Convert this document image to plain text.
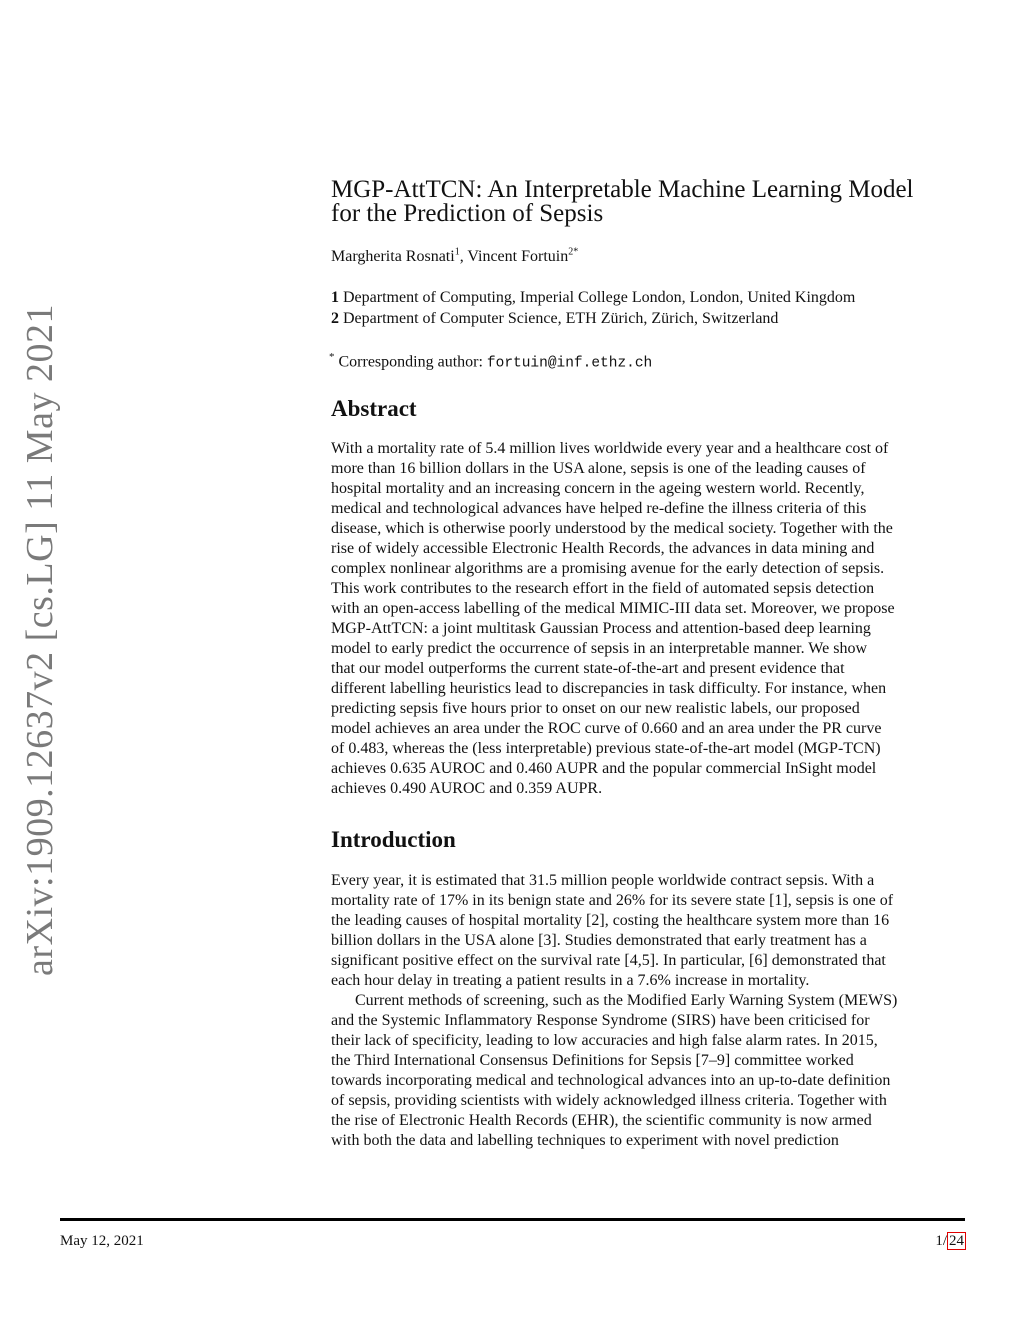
arXiv:1909.12637v2 [cs.LG] 11 May 2021
MGP-AttTCN: An Interpretable Machine Learning Model
for the Prediction of Sepsis
Margherita Rosnati$^1$, Vincent Fortuin$^{2*}$
1 Department of Computing, Imperial College London, London, United Kingdom
2 Department of Computer Science, ETH Zürich, Zürich, Switzerland
* Corresponding author: fortuin@inf.ethz.ch
Abstract
With a mortality rate of 5.4 million lives worldwide every year and a healthcare cost of
more than 16 billion dollars in the USA alone, sepsis is one of the leading causes of
hospital mortality and an increasing concern in the ageing western world. Recently,
medical and technological advances have helped re-define the illness criteria of this
disease, which is otherwise poorly understood by the medical society. Together with the
rise of widely accessible Electronic Health Records, the advances in data mining and
complex nonlinear algorithms are a promising avenue for the early detection of sepsis.
This work contributes to the research effort in the field of automated sepsis detection
with an open-access labelling of the medical MIMIC-III data set. Moreover, we propose
MGP-AttTCN: a joint multitask Gaussian Process and attention-based deep learning
model to early predict the occurrence of sepsis in an interpretable manner. We show
that our model outperforms the current state-of-the-art and present evidence that
different labelling heuristics lead to discrepancies in task difficulty. For instance, when
predicting sepsis five hours prior to onset on our new realistic labels, our proposed
model achieves an area under the ROC curve of 0.660 and an area under the PR curve
of 0.483, whereas the (less interpretable) previous state-of-the-art model (MGP-TCN)
achieves 0.635 AUROC and 0.460 AUPR and the popular commercial InSight model
achieves 0.490 AUROC and 0.359 AUPR.
Introduction
Every year, it is estimated that 31.5 million people worldwide contract sepsis. With a
mortality rate of 17% in its benign state and 26% for its severe state [1], sepsis is one of
the leading causes of hospital mortality [2], costing the healthcare system more than 16
billion dollars in the USA alone [3]. Studies demonstrated that early treatment has a
significant positive effect on the survival rate [4,5]. In particular, [6] demonstrated that
each hour delay in treating a patient results in a 7.6% increase in mortality.
Current methods of screening, such as the Modified Early Warning System (MEWS)
and the Systemic Inflammatory Response Syndrome (SIRS) have been criticised for
their lack of specificity, leading to low accuracies and high false alarm rates. In 2015,
the Third International Consensus Definitions for Sepsis [7–9] committee worked
towards incorporating medical and technological advances into an up-to-date definition
of sepsis, providing scientists with widely acknowledged illness criteria. Together with
the rise of Electronic Health Records (EHR), the scientific community is now armed
with both the data and labelling techniques to experiment with novel prediction
May 12, 2021	1/ 24
